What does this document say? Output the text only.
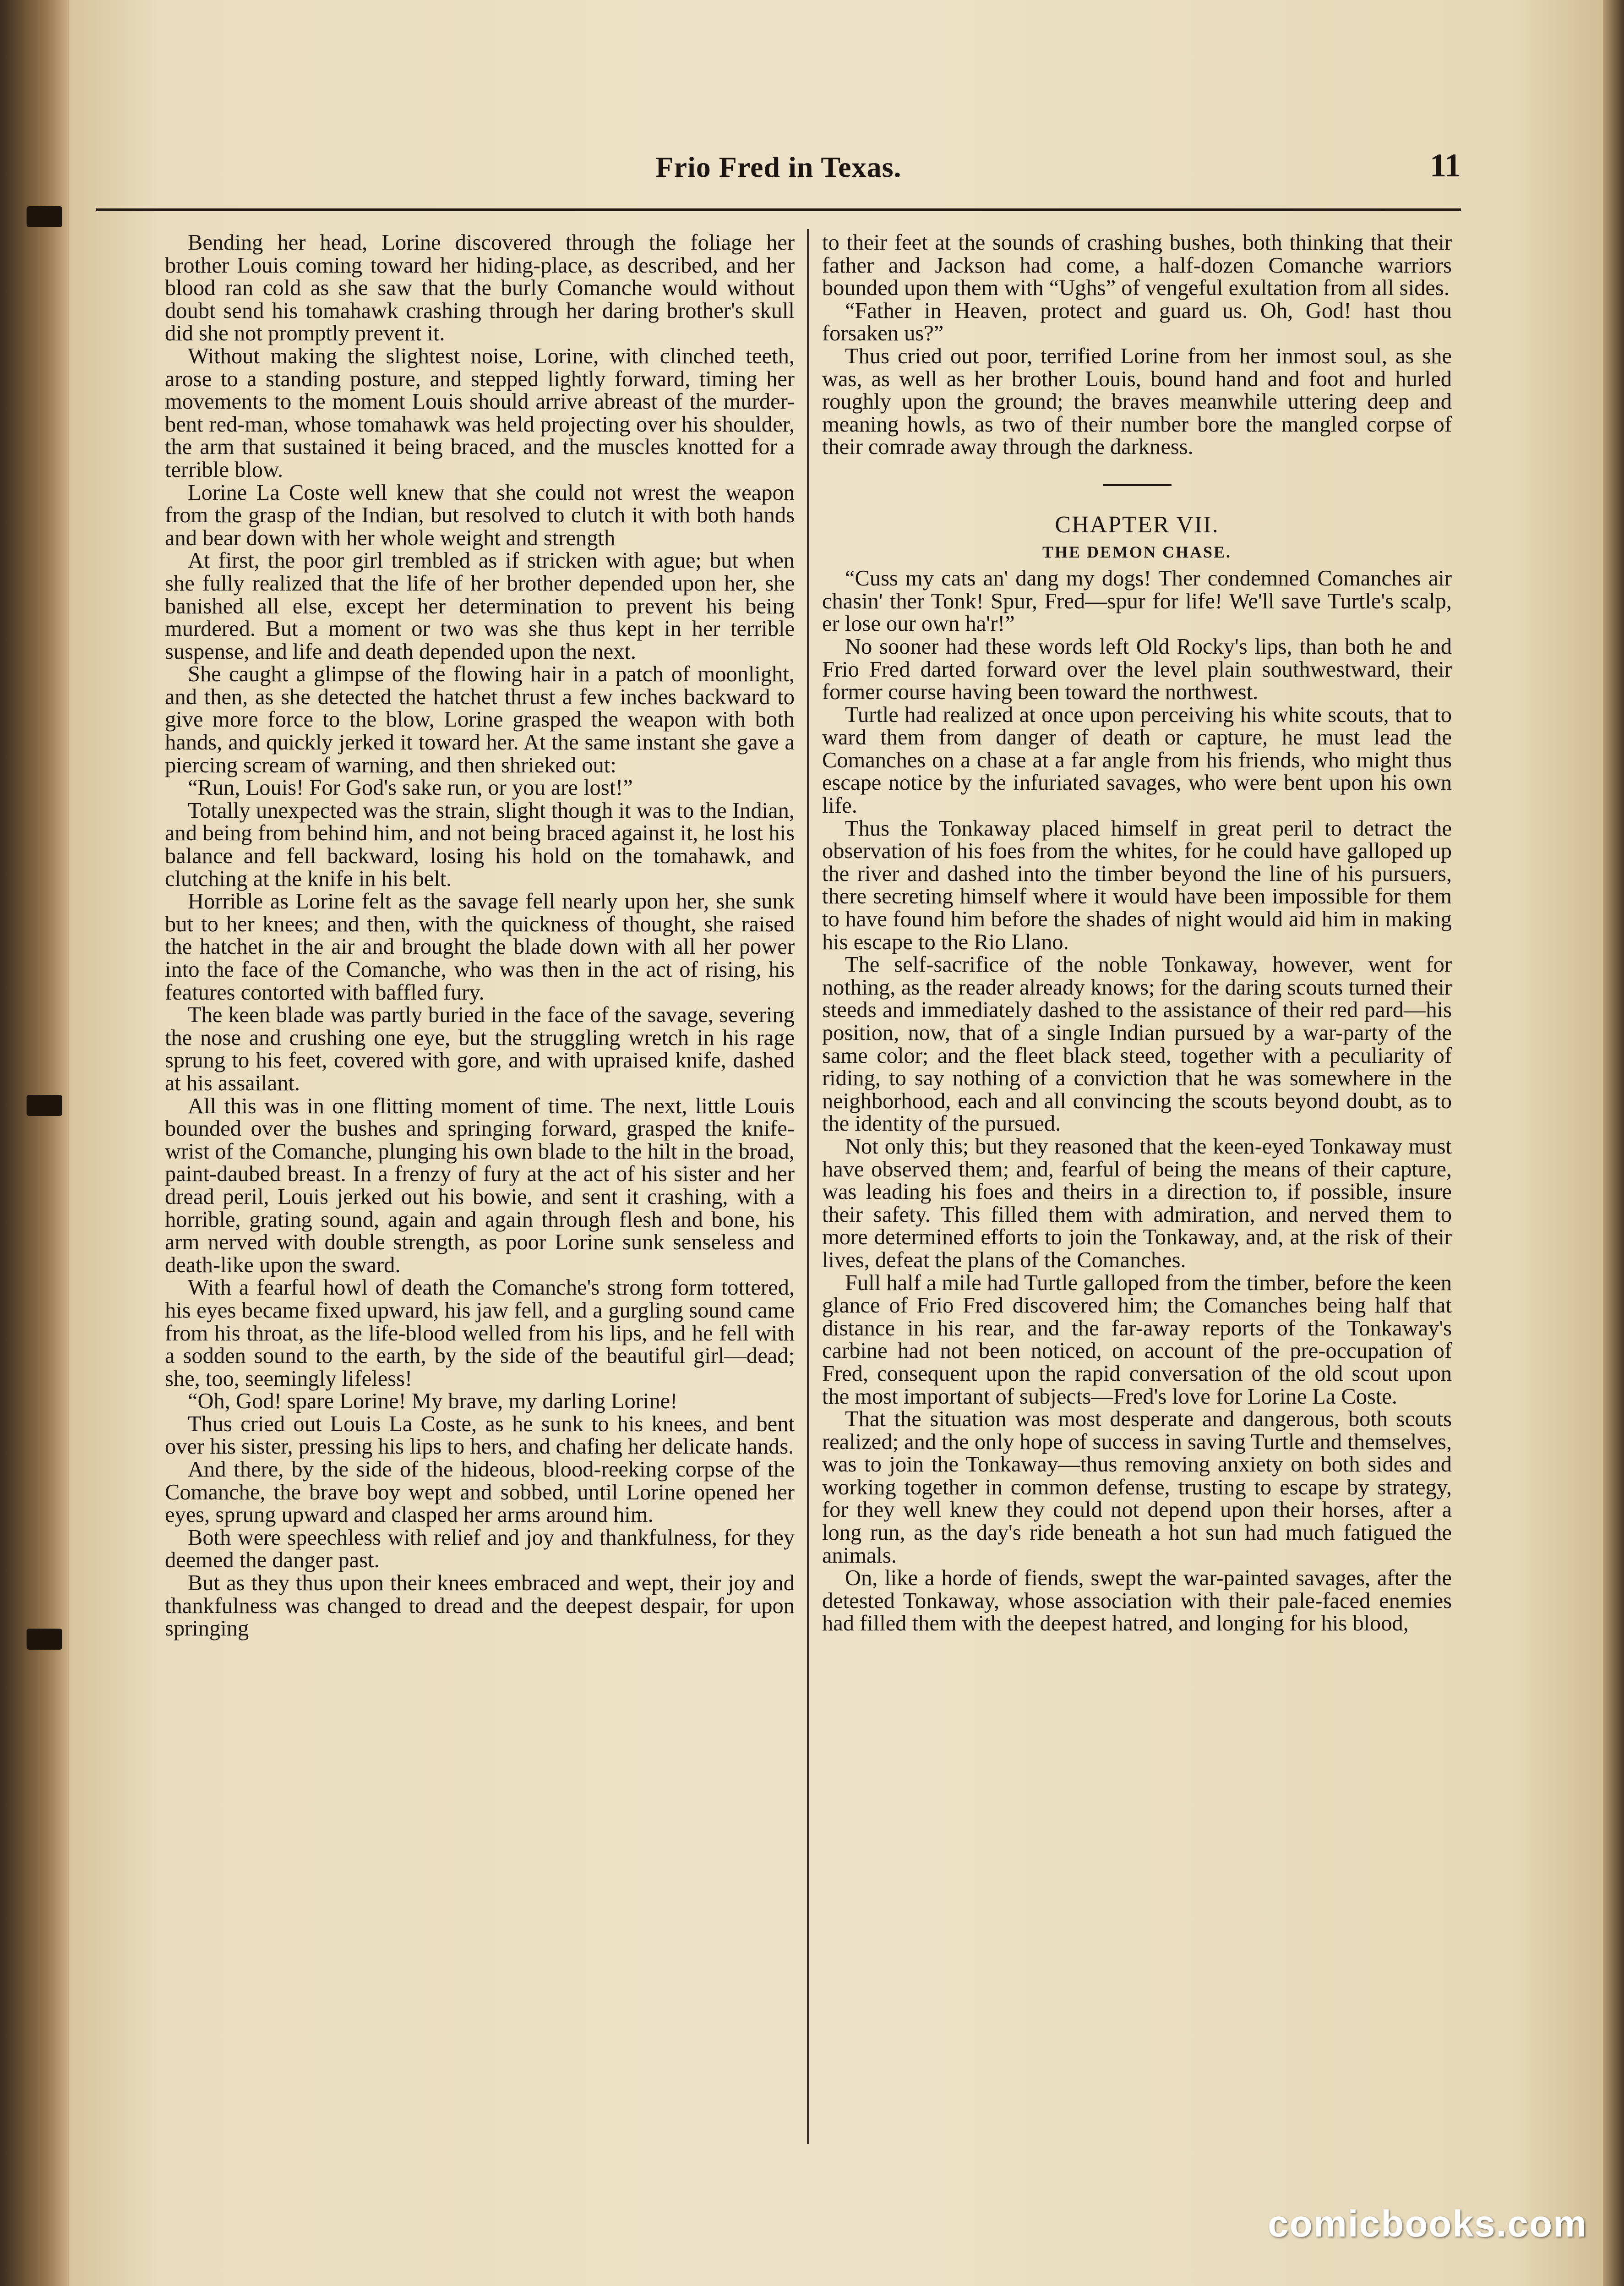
Frio Fred in Texas.	11

Bending her head, Lorine discovered through the foliage her brother Louis coming toward her hiding-place, as described, and her blood ran cold as she saw that the burly Comanche would without doubt send his tomahawk crashing through her daring brother's skull did she not promptly prevent it.

Without making the slightest noise, Lorine, with clinched teeth, arose to a standing posture, and stepped lightly forward, timing her movements to the moment Louis should arrive abreast of the murder-bent red-man, whose tomahawk was held projecting over his shoulder, the arm that sustained it being braced, and the muscles knotted for a terrible blow.

Lorine La Coste well knew that she could not wrest the weapon from the grasp of the Indian, but resolved to clutch it with both hands and bear down with her whole weight and strength

At first, the poor girl trembled as if stricken with ague; but when she fully realized that the life of her brother depended upon her, she banished all else, except her determination to prevent his being murdered. But a moment or two was she thus kept in her terrible suspense, and life and death depended upon the next.

She caught a glimpse of the flowing hair in a patch of moonlight, and then, as she detected the hatchet thrust a few inches backward to give more force to the blow, Lorine grasped the weapon with both hands, and quickly jerked it toward her. At the same instant she gave a piercing scream of warning, and then shrieked out:

“Run, Louis! For God's sake run, or you are lost!”

Totally unexpected was the strain, slight though it was to the Indian, and being from behind him, and not being braced against it, he lost his balance and fell backward, losing his hold on the tomahawk, and clutching at the knife in his belt.

Horrible as Lorine felt as the savage fell nearly upon her, she sunk but to her knees; and then, with the quickness of thought, she raised the hatchet in the air and brought the blade down with all her power into the face of the Comanche, who was then in the act of rising, his features contorted with baffled fury.

The keen blade was partly buried in the face of the savage, severing the nose and crushing one eye, but the struggling wretch in his rage sprung to his feet, covered with gore, and with upraised knife, dashed at his assailant.

All this was in one flitting moment of time. The next, little Louis bounded over the bushes and springing forward, grasped the knife-wrist of the Comanche, plunging his own blade to the hilt in the broad, paint-daubed breast. In a frenzy of fury at the act of his sister and her dread peril, Louis jerked out his bowie, and sent it crashing, with a horrible, grating sound, again and again through flesh and bone, his arm nerved with double strength, as poor Lorine sunk senseless and death-like upon the sward.

With a fearful howl of death the Comanche's strong form tottered, his eyes became fixed upward, his jaw fell, and a gurgling sound came from his throat, as the life-blood welled from his lips, and he fell with a sodden sound to the earth, by the side of the beautiful girl—dead; she, too, seemingly lifeless!

“Oh, God! spare Lorine! My brave, my darling Lorine!

Thus cried out Louis La Coste, as he sunk to his knees, and bent over his sister, pressing his lips to hers, and chafing her delicate hands.

And there, by the side of the hideous, blood-reeking corpse of the Comanche, the brave boy wept and sobbed, until Lorine opened her eyes, sprung upward and clasped her arms around him.

Both were speechless with relief and joy and thankfulness, for they deemed the danger past.

But as they thus upon their knees embraced and wept, their joy and thankfulness was changed to dread and the deepest despair, for upon springing

to their feet at the sounds of crashing bushes, both thinking that their father and Jackson had come, a half-dozen Comanche warriors bounded upon them with “Ughs” of vengeful exultation from all sides.

“Father in Heaven, protect and guard us. Oh, God! hast thou forsaken us?”

Thus cried out poor, terrified Lorine from her inmost soul, as she was, as well as her brother Louis, bound hand and foot and hurled roughly upon the ground; the braves meanwhile uttering deep and meaning howls, as two of their number bore the mangled corpse of their comrade away through the darkness.

CHAPTER VII.
THE DEMON CHASE.

“Cuss my cats an' dang my dogs! Ther condemned Comanches air chasin' ther Tonk! Spur, Fred—spur for life! We'll save Turtle's scalp, er lose our own ha'r!”

No sooner had these words left Old Rocky's lips, than both he and Frio Fred darted forward over the level plain southwestward, their former course having been toward the northwest.

Turtle had realized at once upon perceiving his white scouts, that to ward them from danger of death or capture, he must lead the Comanches on a chase at a far angle from his friends, who might thus escape notice by the infuriated savages, who were bent upon his own life.

Thus the Tonkaway placed himself in great peril to detract the observation of his foes from the whites, for he could have galloped up the river and dashed into the timber beyond the line of his pursuers, there secreting himself where it would have been impossible for them to have found him before the shades of night would aid him in making his escape to the Rio Llano.

The self-sacrifice of the noble Tonkaway, however, went for nothing, as the reader already knows; for the daring scouts turned their steeds and immediately dashed to the assistance of their red pard—his position, now, that of a single Indian pursued by a war-party of the same color; and the fleet black steed, together with a peculiarity of riding, to say nothing of a conviction that he was somewhere in the neighborhood, each and all convincing the scouts beyond doubt, as to the identity of the pursued.

Not only this; but they reasoned that the keen-eyed Tonkaway must have observed them; and, fearful of being the means of their capture, was leading his foes and theirs in a direction to, if possible, insure their safety. This filled them with admiration, and nerved them to more determined efforts to join the Tonkaway, and, at the risk of their lives, defeat the plans of the Comanches.

Full half a mile had Turtle galloped from the timber, before the keen glance of Frio Fred discovered him; the Comanches being half that distance in his rear, and the far-away reports of the Tonkaway's carbine had not been noticed, on account of the pre-occupation of Fred, consequent upon the rapid conversation of the old scout upon the most important of subjects—Fred's love for Lorine La Coste.

That the situation was most desperate and dangerous, both scouts realized; and the only hope of success in saving Turtle and themselves, was to join the Tonkaway—thus removing anxiety on both sides and working together in common defense, trusting to escape by strategy, for they well knew they could not depend upon their horses, after a long run, as the day's ride beneath a hot sun had much fatigued the animals.

On, like a horde of fiends, swept the war-painted savages, after the detested Tonkaway, whose association with their pale-faced enemies had filled them with the deepest hatred, and longing for his blood,

comicbooks.com
